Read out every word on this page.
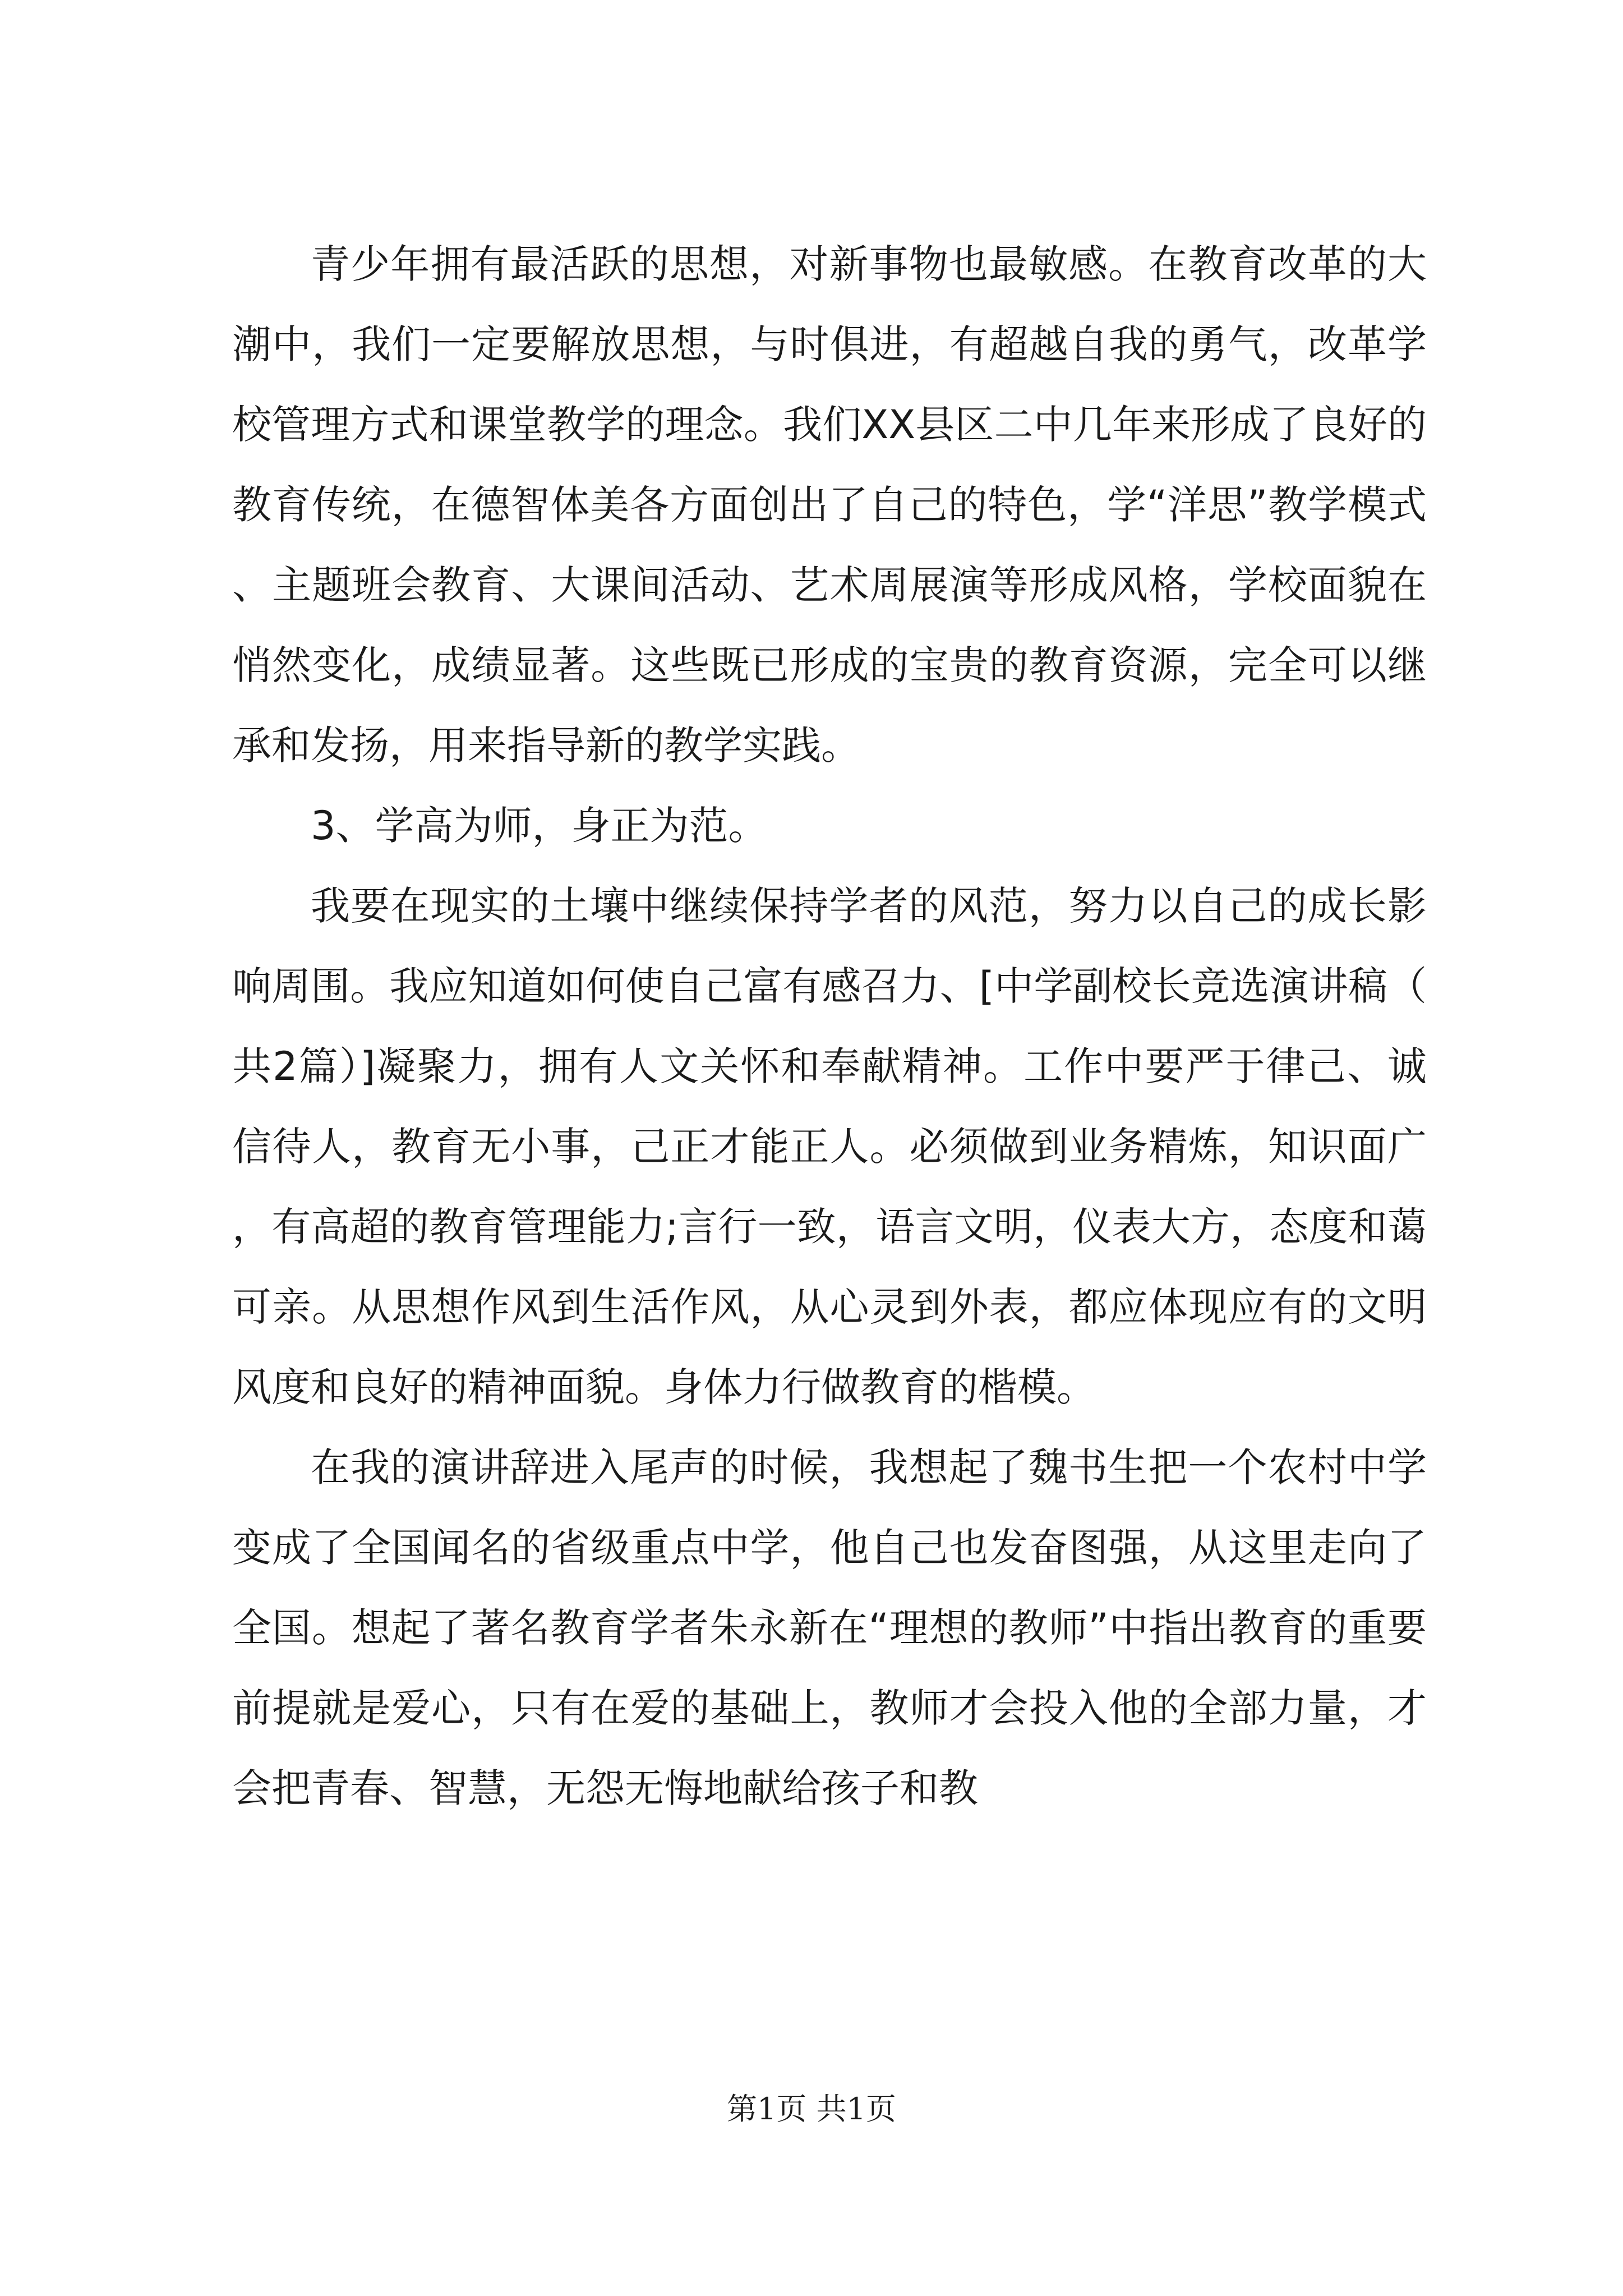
青少年拥有最活跃的思想，对新事物也最敏感。在教育改革的大潮中，我们一定要解放思想，与时俱进，有超越自我的勇气，改革学校管理方式和课堂教学的理念。我们XX县区二中几年来形成了良好的教育传统，在德智体美各方面创出了自己的特色，学“洋思”教学模式、主题班会教育、大课间活动、艺术周展演等形成风格，学校面貌在悄然变化，成绩显著。这些既已形成的宝贵的教育资源，完全可以继承和发扬，用来指导新的教学实践。

3、学高为师，身正为范。

我要在现实的土壤中继续保持学者的风范，努力以自己的成长影响周围。我应知道如何使自己富有感召力、[中学副校长竞选演讲稿（共2篇）]凝聚力，拥有人文关怀和奉献精神。工作中要严于律己、诚信待人，教育无小事，己正才能正人。必须做到业务精炼，知识面广，有高超的教育管理能力;言行一致，语言文明，仪表大方，态度和蔼可亲。从思想作风到生活作风，从心灵到外表，都应体现应有的文明风度和良好的精神面貌。身体力行做教育的楷模。

在我的演讲辞进入尾声的时候，我想起了魏书生把一个农村中学变成了全国闻名的省级重点中学，他自己也发奋图强，从这里走向了全国。想起了著名教育学者朱永新在“理想的教师”中指出教育的重要前提就是爱心，只有在爱的基础上，教师才会投入他的全部力量，才会把青春、智慧，无怨无悔地献给孩子和教

第1页 共1页
